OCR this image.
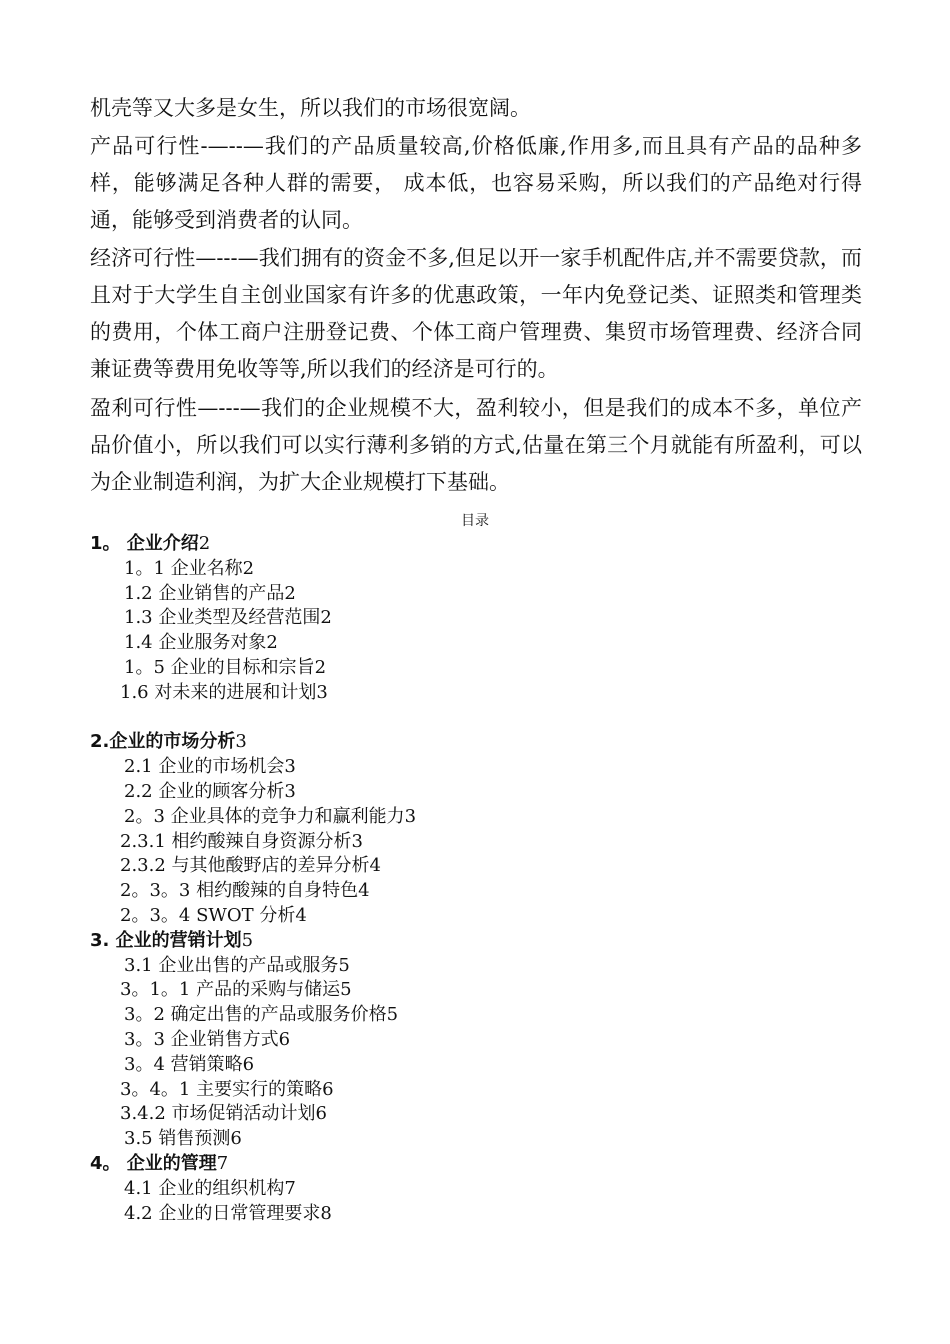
机壳等又大多是女生，所以我们的市场很宽阔。

产品可行性-—--—我们的产品质量较高,价格低廉,作用多,而且具有产品的品种多样，能够满足各种人群的需要， 成本低，也容易采购，所以我们的产品绝对行得通，能够受到消费者的认同。

经济可行性—---—我们拥有的资金不多,但足以开一家手机配件店,并不需要贷款，而且对于大学生自主创业国家有许多的优惠政策，一年内免登记类、证照类和管理类的费用，个体工商户注册登记费、个体工商户管理费、集贸市场管理费、经济合同兼证费等费用免收等等,所以我们的经济是可行的。

盈利可行性—---—我们的企业规模不大，盈利较小，但是我们的成本不多，单位产品价值小，所以我们可以实行薄利多销的方式,估量在第三个月就能有所盈利，可以为企业制造利润，为扩大企业规模打下基础。

目录
1。 企业介绍2
1。1 企业名称2
1.2 企业销售的产品2
1.3 企业类型及经营范围2
1.4 企业服务对象2
1。5 企业的目标和宗旨2
1.6 对未来的进展和计划3
2.企业的市场分析3
2.1 企业的市场机会3
2.2 企业的顾客分析3
2。3 企业具体的竞争力和赢利能力3
2.3.1 相约酸辣自身资源分析3
2.3.2 与其他酸野店的差异分析4
2。3。3 相约酸辣的自身特色4
2。3。4 SWOT 分析4
3. 企业的营销计划5
3.1 企业出售的产品或服务5
3。1。1 产品的采购与储运5
3。2 确定出售的产品或服务价格5
3。3 企业销售方式6
3。4 营销策略6
3。4。1 主要实行的策略6
3.4.2 市场促销活动计划6
3.5 销售预测6
4。 企业的管理7
4.1 企业的组织机构7
4.2 企业的日常管理要求8
